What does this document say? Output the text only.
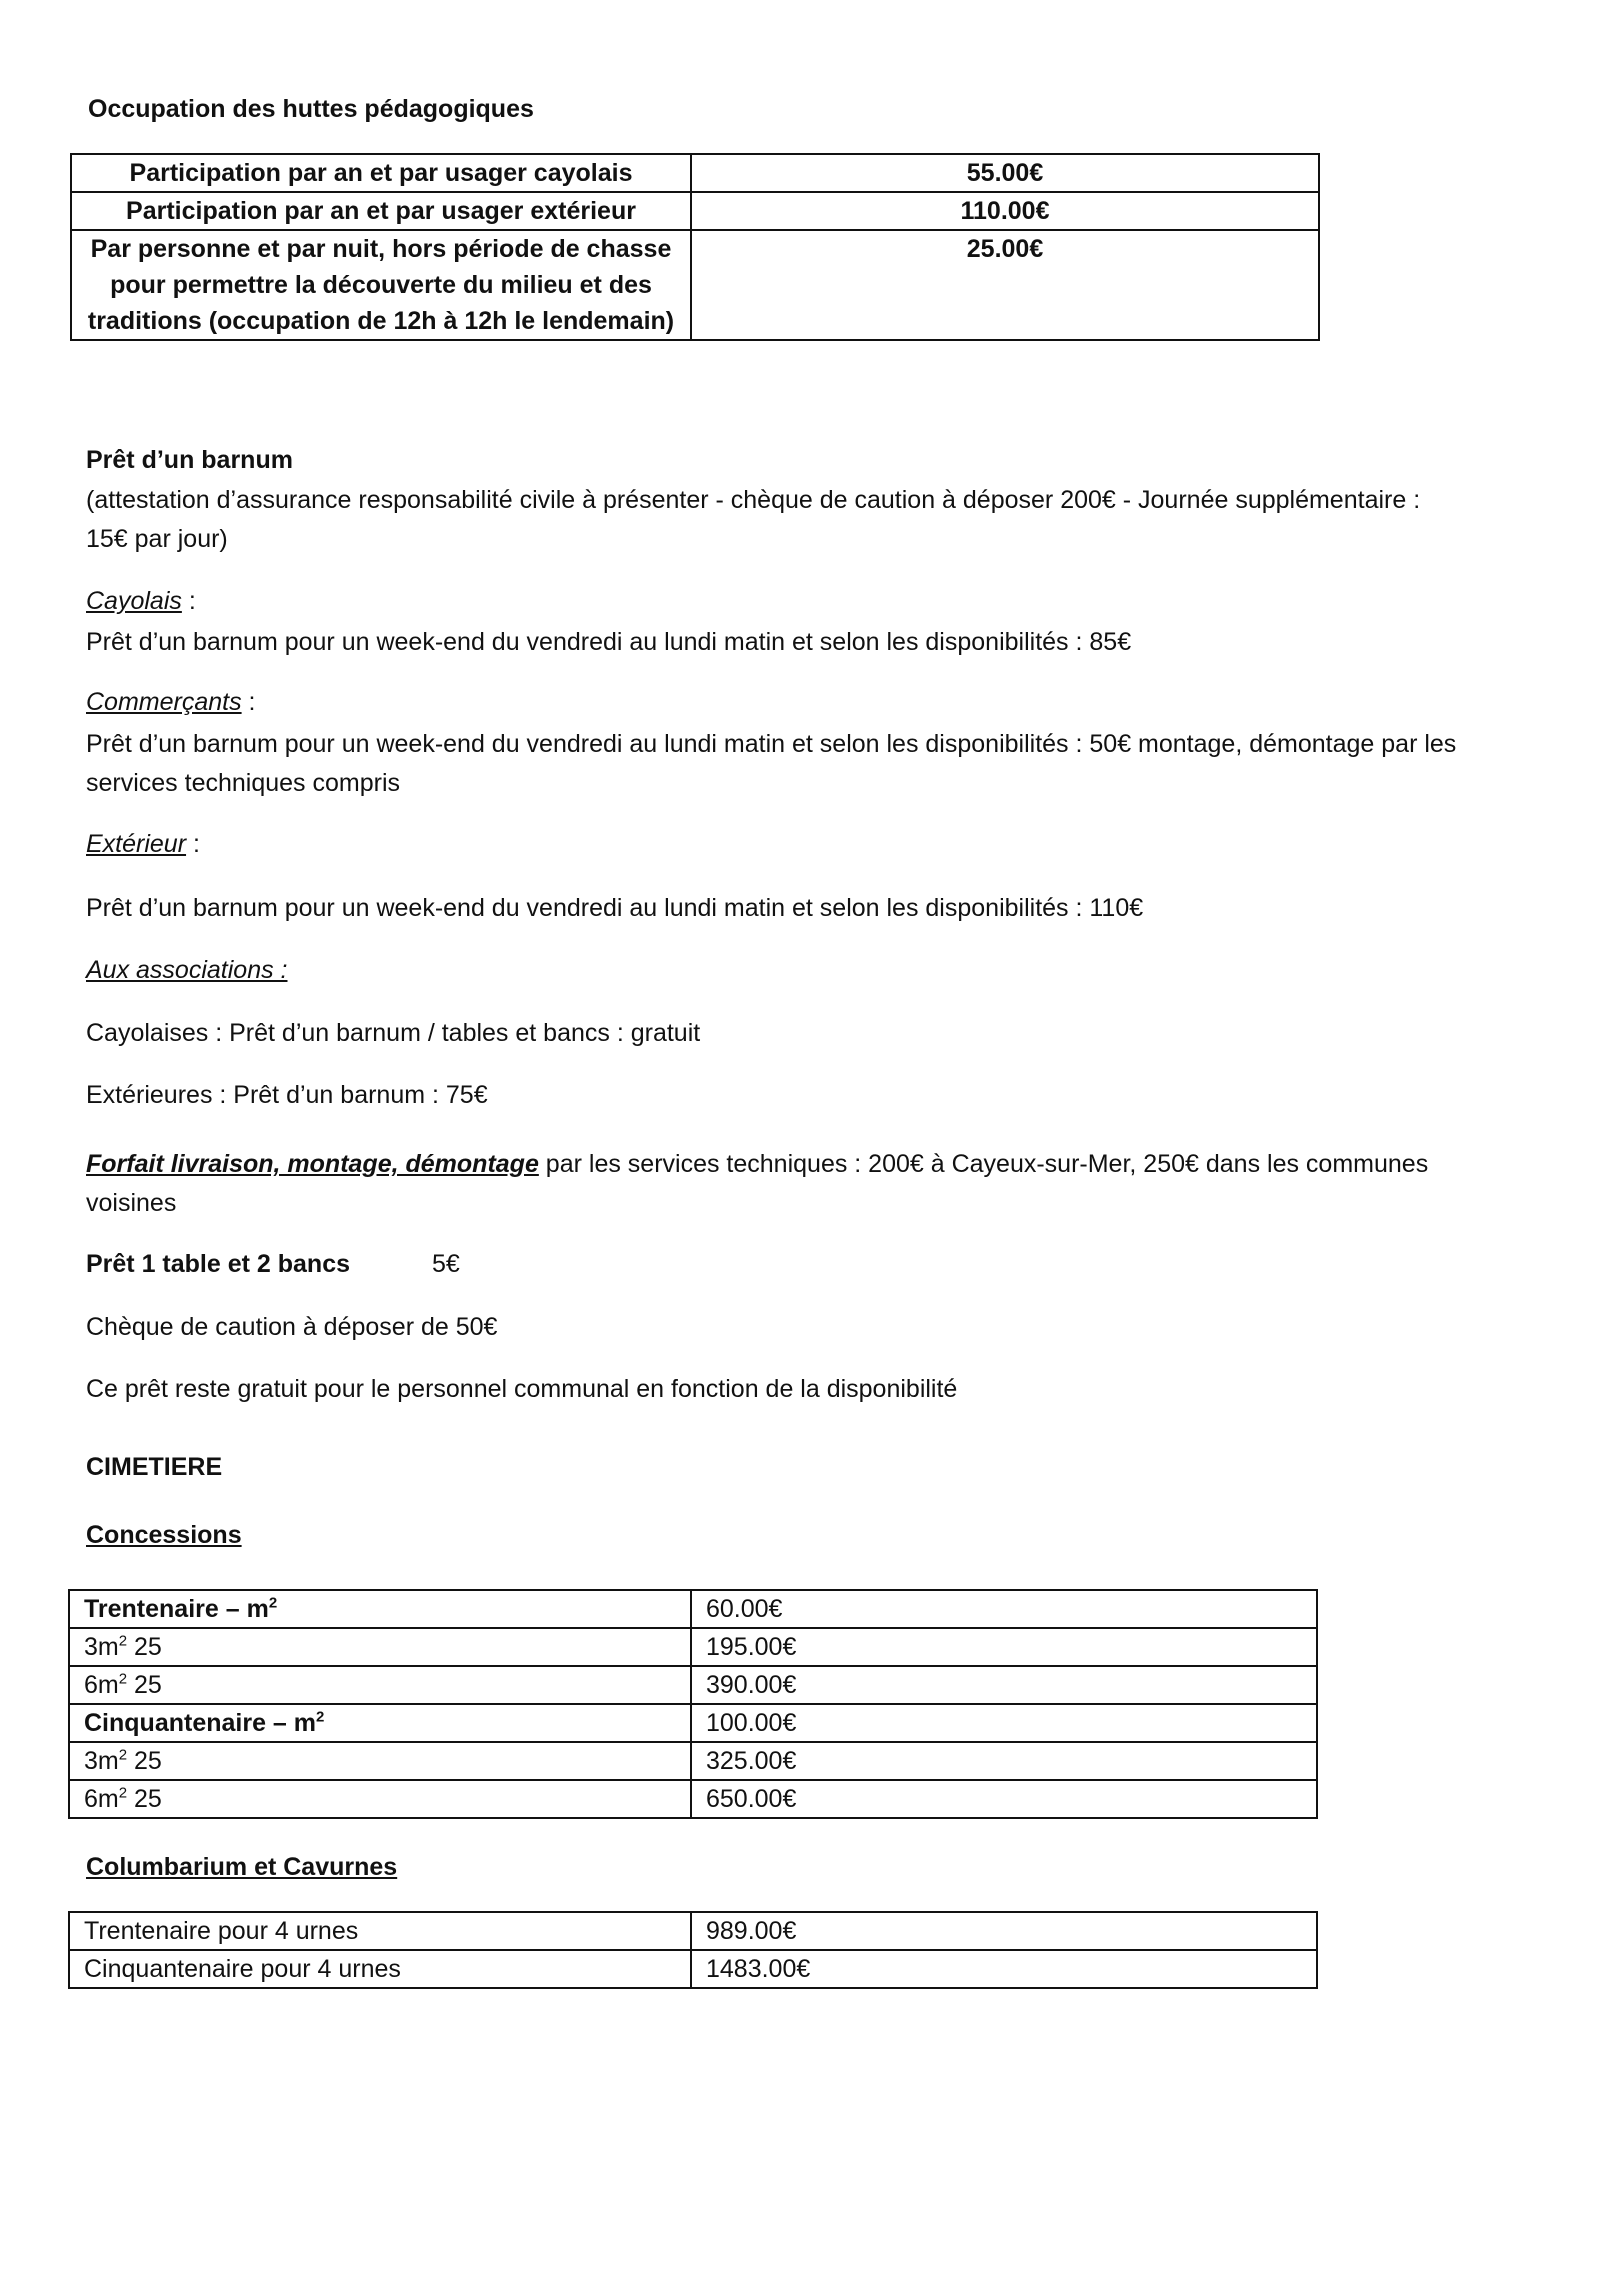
Occupation des huttes pédagogiques
Participation par an et par usager cayolais	55.00€
Participation par an et par usager extérieur	110.00€
Par personne et par nuit, hors période de chasse pour permettre la découverte du milieu et des traditions (occupation de 12h à 12h le lendemain)	25.00€
Prêt d’un barnum
(attestation d’assurance responsabilité civile à présenter - chèque de caution à déposer 200€ - Journée supplémentaire : 15€ par jour)
Cayolais :
Prêt d’un barnum pour un week-end du vendredi au lundi matin et selon les disponibilités : 85€
Commerçants :
Prêt d’un barnum pour un week-end du vendredi au lundi matin et selon les disponibilités : 50€ montage, démontage par les services techniques compris
Extérieur :
Prêt d’un barnum pour un week-end du vendredi au lundi matin et selon les disponibilités : 110€
Aux associations :
Cayolaises : Prêt d’un barnum / tables et bancs : gratuit
Extérieures : Prêt d’un barnum : 75€
Forfait livraison, montage, démontage par les services techniques : 200€ à Cayeux-sur-Mer, 250€ dans les communes voisines
Prêt 1 table et 2 bancs	5€
Chèque de caution à déposer de 50€
Ce prêt reste gratuit pour le personnel communal en fonction de la disponibilité
CIMETIERE
Concessions
Trentenaire – $m^2$	60.00€
$3m^2$ 25	195.00€
$6m^2$ 25	390.00€
Cinquantenaire – $m^2$	100.00€
$3m^2$ 25	325.00€
$6m^2$ 25	650.00€
Columbarium et Cavurnes
Trentenaire pour 4 urnes	989.00€
Cinquantenaire pour 4 urnes	1483.00€
